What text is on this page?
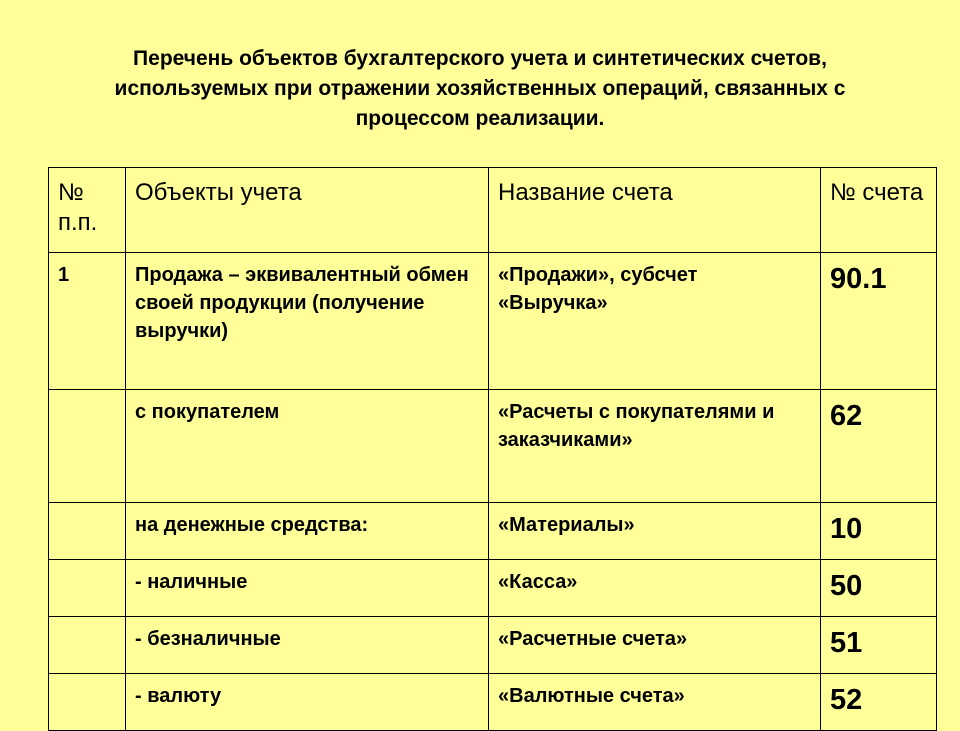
Перечень объектов бухгалтерского учета и синтетических счетов, используемых при отражении хозяйственных операций, связанных с процессом реализации.
№ п.п.	Объекты учета	Название счета	№ счета
1	Продажа – эквивалентный обмен своей продукции (получение выручки)	«Продажи», субсчет «Выручка»	90.1
	с покупателем	«Расчеты с покупателями и заказчиками»	62
	на денежные средства:	«Материалы»	10
	- наличные	«Касса»	50
	- безналичные	«Расчетные счета»	51
	- валюту	«Валютные счета»	52
